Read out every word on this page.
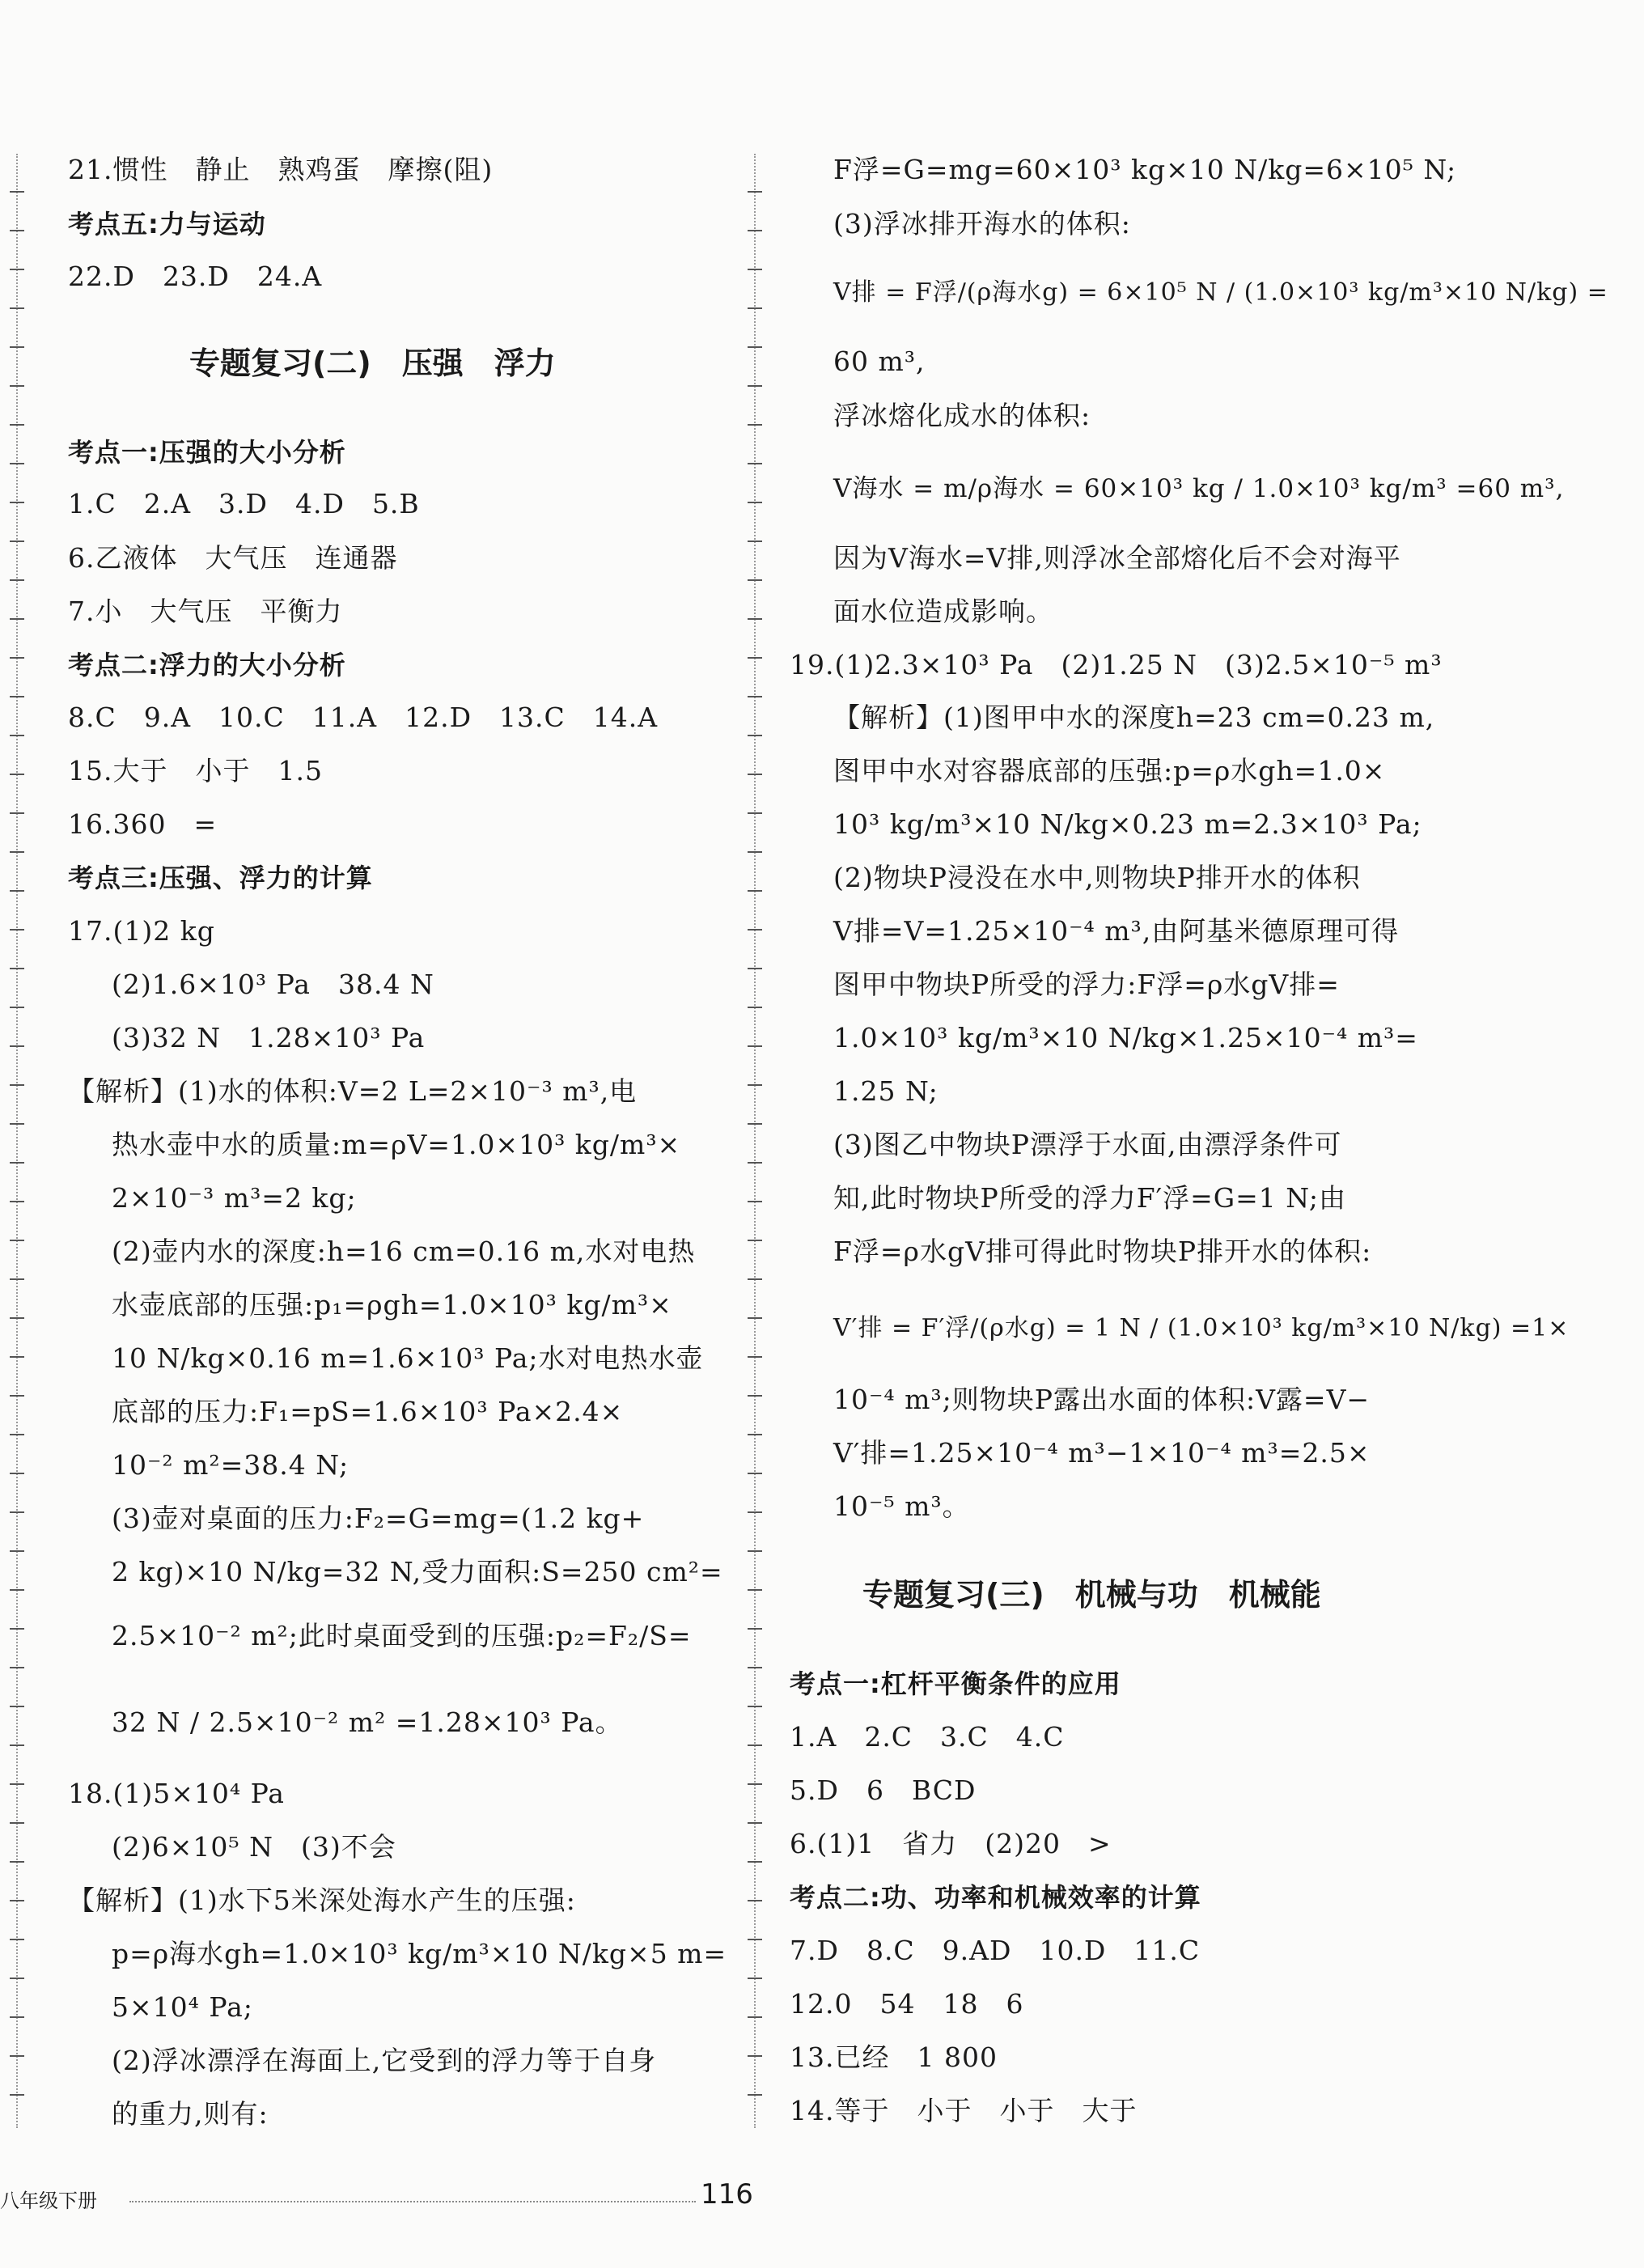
21.惯性　静止　熟鸡蛋　摩擦(阻)
考点五:力与运动
22.D　23.D　24.A
专题复习(二)　压强　浮力
考点一:压强的大小分析
1.C　2.A　3.D　4.D　5.B
6.乙液体　大气压　连通器
7.小　大气压　平衡力
考点二:浮力的大小分析
8.C　9.A　10.C　11.A　12.D　13.C　14.A
15.大于　小于　1.5
16.360　=
考点三:压强、浮力的计算
17.(1)2 kg
(2)1.6×10³ Pa　38.4 N
(3)32 N　1.28×10³ Pa
【解析】(1)水的体积:V=2 L=2×10⁻³ m³,电
热水壶中水的质量:m=ρV=1.0×10³ kg/m³×
2×10⁻³ m³=2 kg;
(2)壶内水的深度:h=16 cm=0.16 m,水对电热
水壶底部的压强:p₁=ρgh=1.0×10³ kg/m³×
10 N/kg×0.16 m=1.6×10³ Pa;水对电热水壶
底部的压力:F₁=pS=1.6×10³ Pa×2.4×
10⁻² m²=38.4 N;
(3)壶对桌面的压力:F₂=G=mg=(1.2 kg+
2 kg)×10 N/kg=32 N,受力面积:S=250 cm²=
2.5×10⁻² m²;此时桌面受到的压强:p₂=F₂/S=
32 N / 2.5×10⁻² m² =1.28×10³ Pa。
18.(1)5×10⁴ Pa
(2)6×10⁵ N　(3)不会
【解析】(1)水下5米深处海水产生的压强:
p=ρ海水gh=1.0×10³ kg/m³×10 N/kg×5 m=
5×10⁴ Pa;
(2)浮冰漂浮在海面上,它受到的浮力等于自身
的重力,则有:
F浮=G=mg=60×10³ kg×10 N/kg=6×10⁵ N;
(3)浮冰排开海水的体积:
V排 = F浮/(ρ海水g) = 6×10⁵ N / (1.0×10³ kg/m³×10 N/kg) =
60 m³,
浮冰熔化成水的体积:
V海水 = m/ρ海水 = 60×10³ kg / 1.0×10³ kg/m³ =60 m³,
因为V海水=V排,则浮冰全部熔化后不会对海平
面水位造成影响。
19.(1)2.3×10³ Pa　(2)1.25 N　(3)2.5×10⁻⁵ m³
【解析】(1)图甲中水的深度h=23 cm=0.23 m,
图甲中水对容器底部的压强:p=ρ水gh=1.0×
10³ kg/m³×10 N/kg×0.23 m=2.3×10³ Pa;
(2)物块P浸没在水中,则物块P排开水的体积
V排=V=1.25×10⁻⁴ m³,由阿基米德原理可得
图甲中物块P所受的浮力:F浮=ρ水gV排=
1.0×10³ kg/m³×10 N/kg×1.25×10⁻⁴ m³=
1.25 N;
(3)图乙中物块P漂浮于水面,由漂浮条件可
知,此时物块P所受的浮力F′浮=G=1 N;由
F浮=ρ水gV排可得此时物块P排开水的体积:
V′排 = F′浮/(ρ水g) = 1 N / (1.0×10³ kg/m³×10 N/kg) =1×
10⁻⁴ m³;则物块P露出水面的体积:V露=V−
V′排=1.25×10⁻⁴ m³−1×10⁻⁴ m³=2.5×
10⁻⁵ m³。
专题复习(三)　机械与功　机械能
考点一:杠杆平衡条件的应用
1.A　2.C　3.C　4.C
5.D　6　BCD
6.(1)1　省力　(2)20　>
考点二:功、功率和机械效率的计算
7.D　8.C　9.AD　10.D　11.C
12.0　54　18　6
13.已经　1 800
14.等于　小于　小于　大于
八年级下册	116
